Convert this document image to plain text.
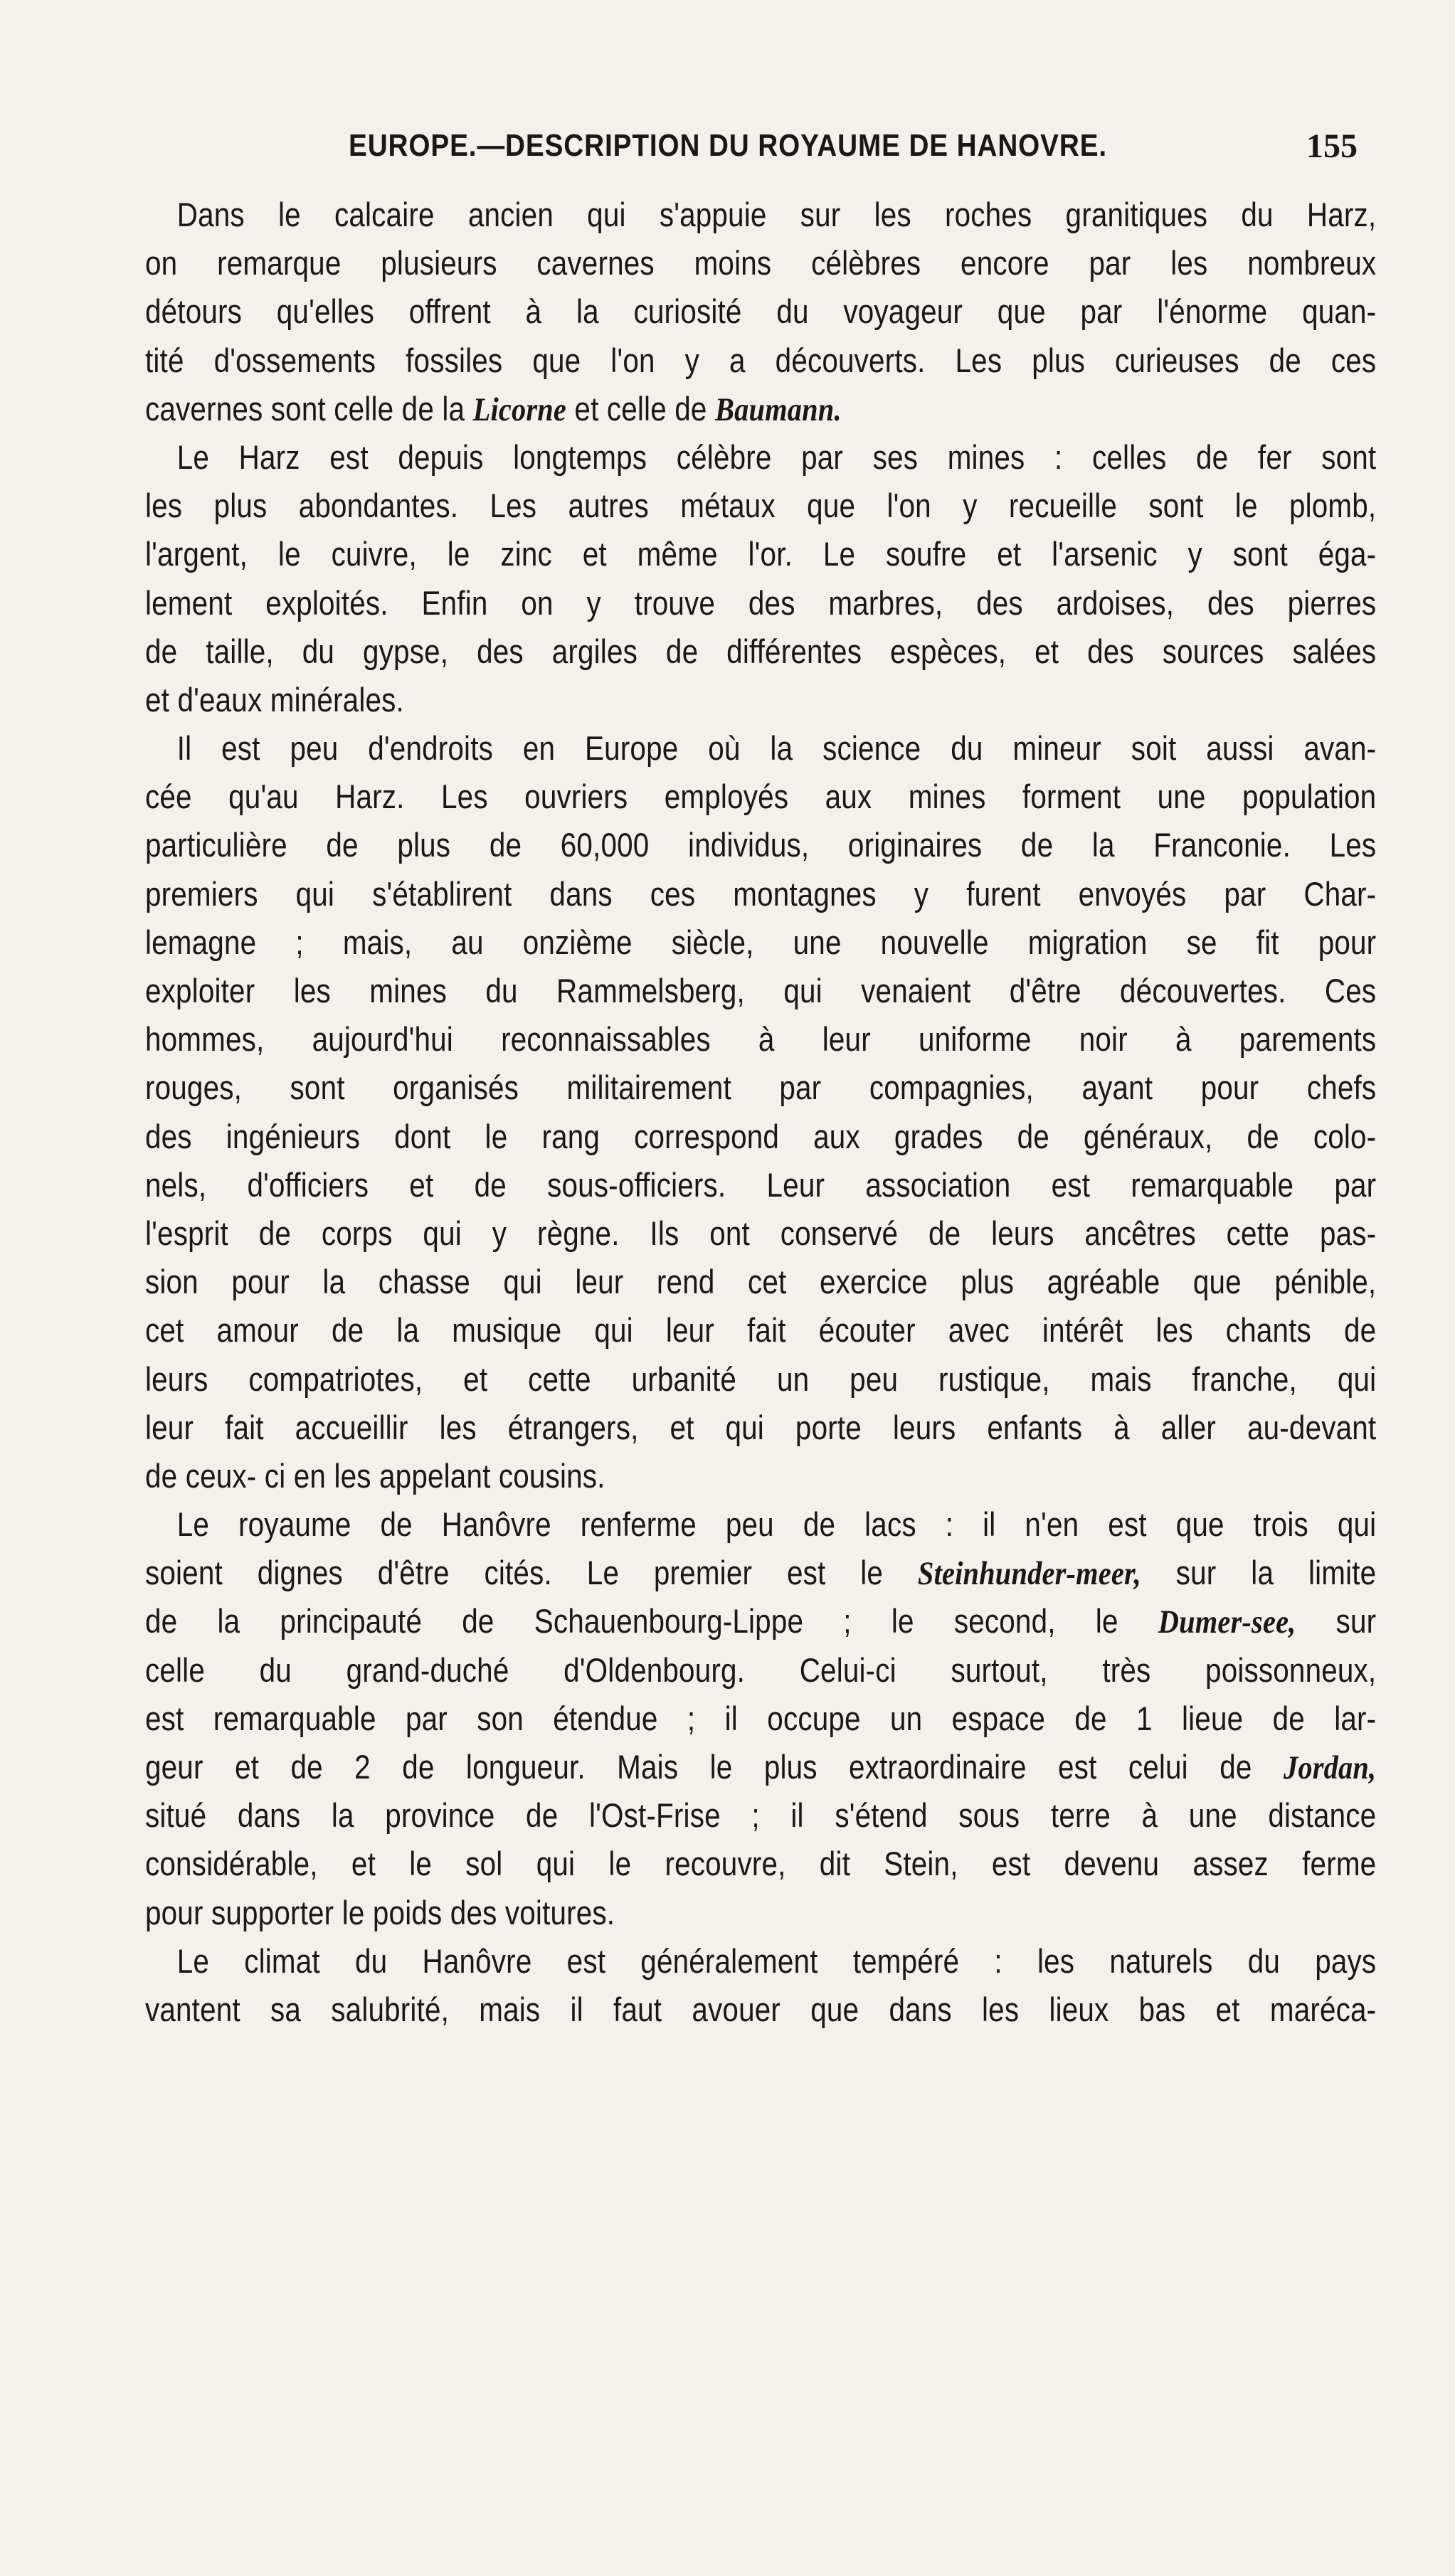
EUROPE.—DESCRIPTION DU ROYAUME DE HANOVRE.	155
Dans le calcaire ancien qui s'appuie sur les roches granitiques du Harz,
on remarque plusieurs cavernes moins célèbres encore par les nombreux
détours qu'elles offrent à la curiosité du voyageur que par l'énorme quan-
tité d'ossements fossiles que l'on y a découverts. Les plus curieuses de ces
cavernes sont celle de la Licorne et celle de Baumann.
Le Harz est depuis longtemps célèbre par ses mines : celles de fer sont
les plus abondantes. Les autres métaux que l'on y recueille sont le plomb,
l'argent, le cuivre, le zinc et même l'or. Le soufre et l'arsenic y sont éga-
lement exploités. Enfin on y trouve des marbres, des ardoises, des pierres
de taille, du gypse, des argiles de différentes espèces, et des sources salées
et d'eaux minérales.
Il est peu d'endroits en Europe où la science du mineur soit aussi avan-
cée qu'au Harz. Les ouvriers employés aux mines forment une population
particulière de plus de 60,000 individus, originaires de la Franconie. Les
premiers qui s'établirent dans ces montagnes y furent envoyés par Char-
lemagne ; mais, au onzième siècle, une nouvelle migration se fit pour
exploiter les mines du Rammelsberg, qui venaient d'être découvertes. Ces
hommes, aujourd'hui reconnaissables à leur uniforme noir à parements
rouges, sont organisés militairement par compagnies, ayant pour chefs
des ingénieurs dont le rang correspond aux grades de généraux, de colo-
nels, d'officiers et de sous-officiers. Leur association est remarquable par
l'esprit de corps qui y règne. Ils ont conservé de leurs ancêtres cette pas-
sion pour la chasse qui leur rend cet exercice plus agréable que pénible,
cet amour de la musique qui leur fait écouter avec intérêt les chants de
leurs compatriotes, et cette urbanité un peu rustique, mais franche, qui
leur fait accueillir les étrangers, et qui porte leurs enfants à aller au-devant
de ceux- ci en les appelant cousins.
Le royaume de Hanôvre renferme peu de lacs : il n'en est que trois qui
soient dignes d'être cités. Le premier est le Steinhunder-meer, sur la limite
de la principauté de Schauenbourg-Lippe ; le second, le Dumer-see, sur
celle du grand-duché d'Oldenbourg. Celui-ci surtout, très poissonneux,
est remarquable par son étendue ; il occupe un espace de 1 lieue de lar-
geur et de 2 de longueur. Mais le plus extraordinaire est celui de Jordan,
situé dans la province de l'Ost-Frise ; il s'étend sous terre à une distance
considérable, et le sol qui le recouvre, dit Stein, est devenu assez ferme
pour supporter le poids des voitures.
Le climat du Hanôvre est généralement tempéré : les naturels du pays
vantent sa salubrité, mais il faut avouer que dans les lieux bas et maréca-
